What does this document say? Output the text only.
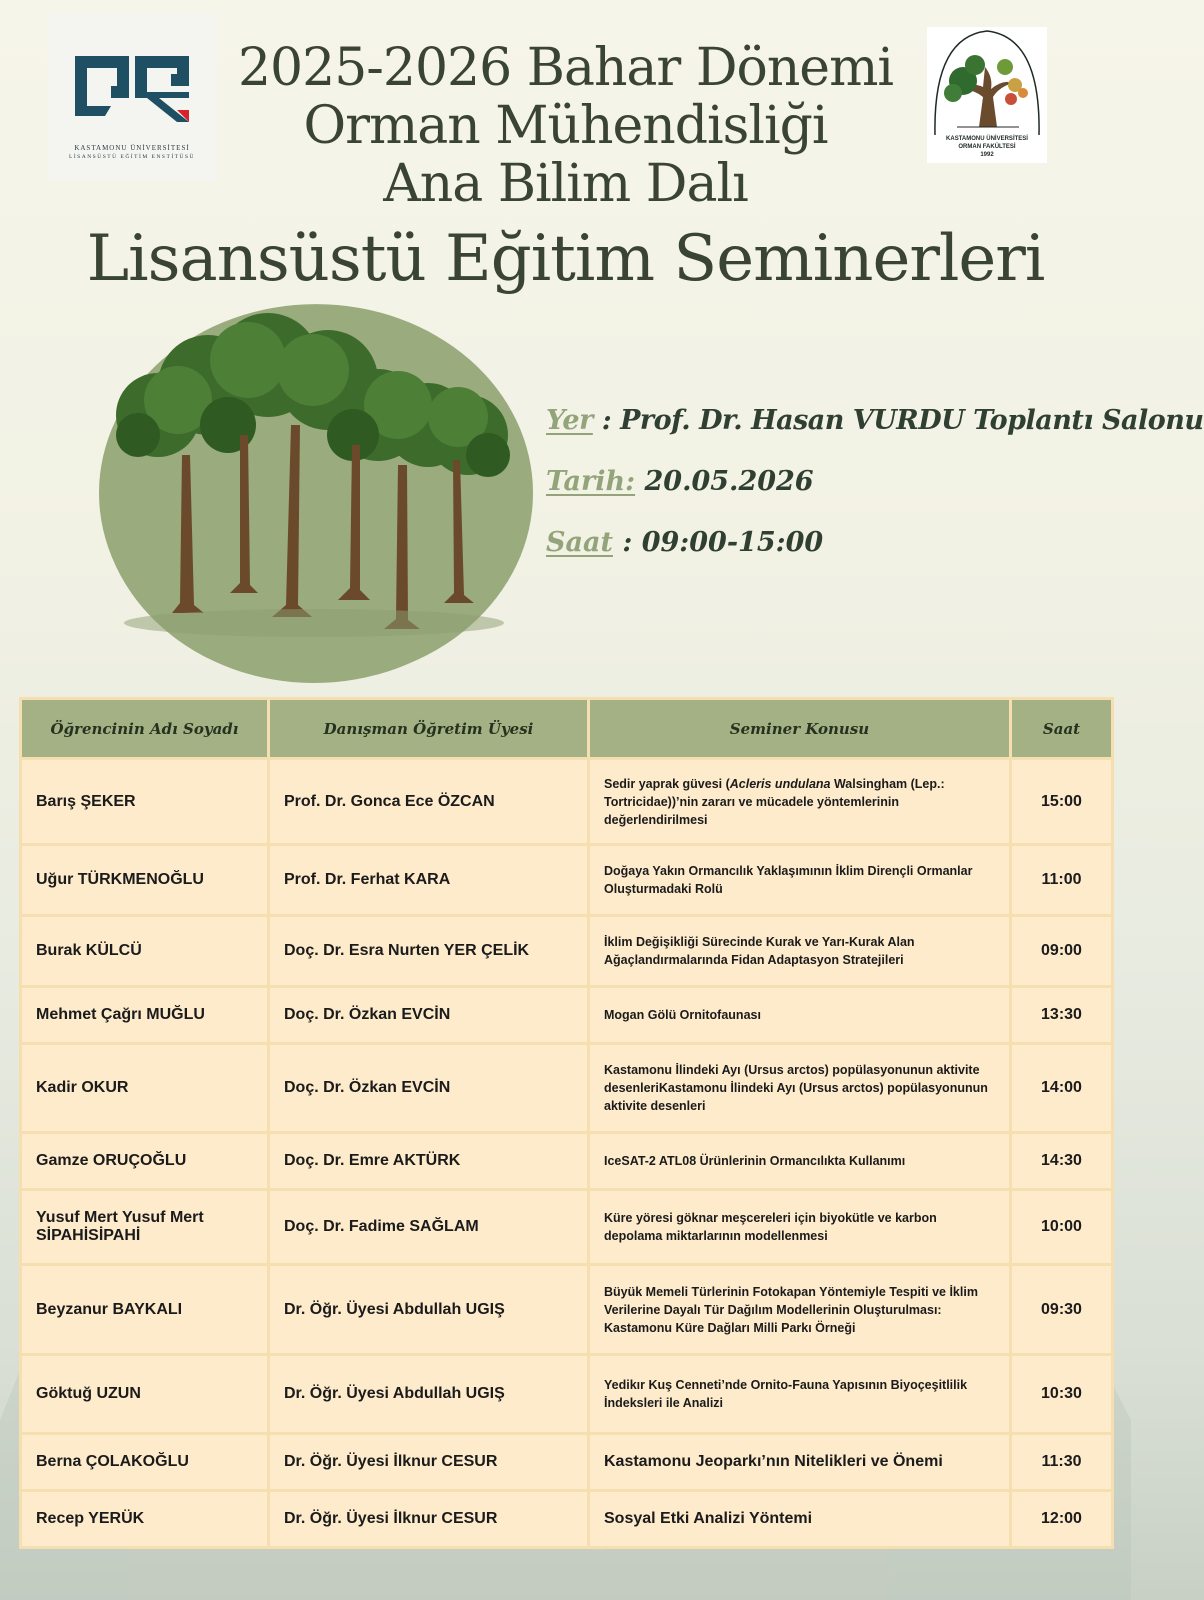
KASTAMONU ÜNİVERSİTESİ
LİSANSÜSTÜ EĞİTİM ENSTİTÜSÜ
KASTAMONU ÜNİVERSİTESİ
ORMAN FAKÜLTESİ
1992
2025-2026 Bahar Dönemi
Orman Mühendisliği
Ana Bilim Dalı
Lisansüstü Eğitim Seminerleri
Yer : Prof. Dr. Hasan VURDU Toplantı Salonu
Tarih: 20.05.2026
Saat : 09:00-15:00
Öğrencinin Adı Soyadı	Danışman Öğretim Üyesi	Seminer Konusu	Saat
Barış ŞEKER	Prof. Dr. Gonca Ece ÖZCAN	Sedir yaprak güvesi (Acleris undulana Walsingham (Lep.: Tortricidae))’nin zararı ve mücadele yöntemlerinin değerlendirilmesi	15:00
Uğur TÜRKMENOĞLU	Prof. Dr. Ferhat KARA	Doğaya Yakın Ormancılık Yaklaşımının İklim Dirençli Ormanlar Oluşturmadaki Rolü	11:00
Burak KÜLCÜ	Doç. Dr. Esra Nurten YER ÇELİK	İklim Değişikliği Sürecinde Kurak ve Yarı-Kurak Alan Ağaçlandırmalarında Fidan Adaptasyon Stratejileri	09:00
Mehmet Çağrı MUĞLU	Doç. Dr. Özkan EVCİN	Mogan Gölü Ornitofaunası	13:30
Kadir OKUR	Doç. Dr. Özkan EVCİN	Kastamonu İlindeki Ayı (Ursus arctos) popülasyonunun aktivite desenleriKastamonu İlindeki Ayı (Ursus arctos) popülasyonunun aktivite desenleri	14:00
Gamze ORUÇOĞLU	Doç. Dr. Emre AKTÜRK	IceSAT-2 ATL08 Ürünlerinin Ormancılıkta Kullanımı	14:30
Yusuf Mert Yusuf Mert SİPAHİSİPAHİ	Doç. Dr. Fadime SAĞLAM	Küre yöresi göknar meşcereleri için biyokütle ve karbon depolama miktarlarının modellenmesi	10:00
Beyzanur BAYKALI	Dr. Öğr. Üyesi Abdullah UGIŞ	Büyük Memeli Türlerinin Fotokapan Yöntemiyle Tespiti ve İklim Verilerine Dayalı Tür Dağılım Modellerinin Oluşturulması: Kastamonu Küre Dağları Milli Parkı Örneği	09:30
Göktuğ UZUN	Dr. Öğr. Üyesi Abdullah UGIŞ	Yedikır Kuş Cenneti’nde Ornito-Fauna Yapısının Biyoçeşitlilik İndeksleri ile Analizi	10:30
Berna ÇOLAKOĞLU	Dr. Öğr. Üyesi İlknur CESUR	Kastamonu Jeoparkı’nın Nitelikleri ve Önemi	11:30
Recep YERÜK	Dr. Öğr. Üyesi İlknur CESUR	Sosyal Etki Analizi Yöntemi	12:00
